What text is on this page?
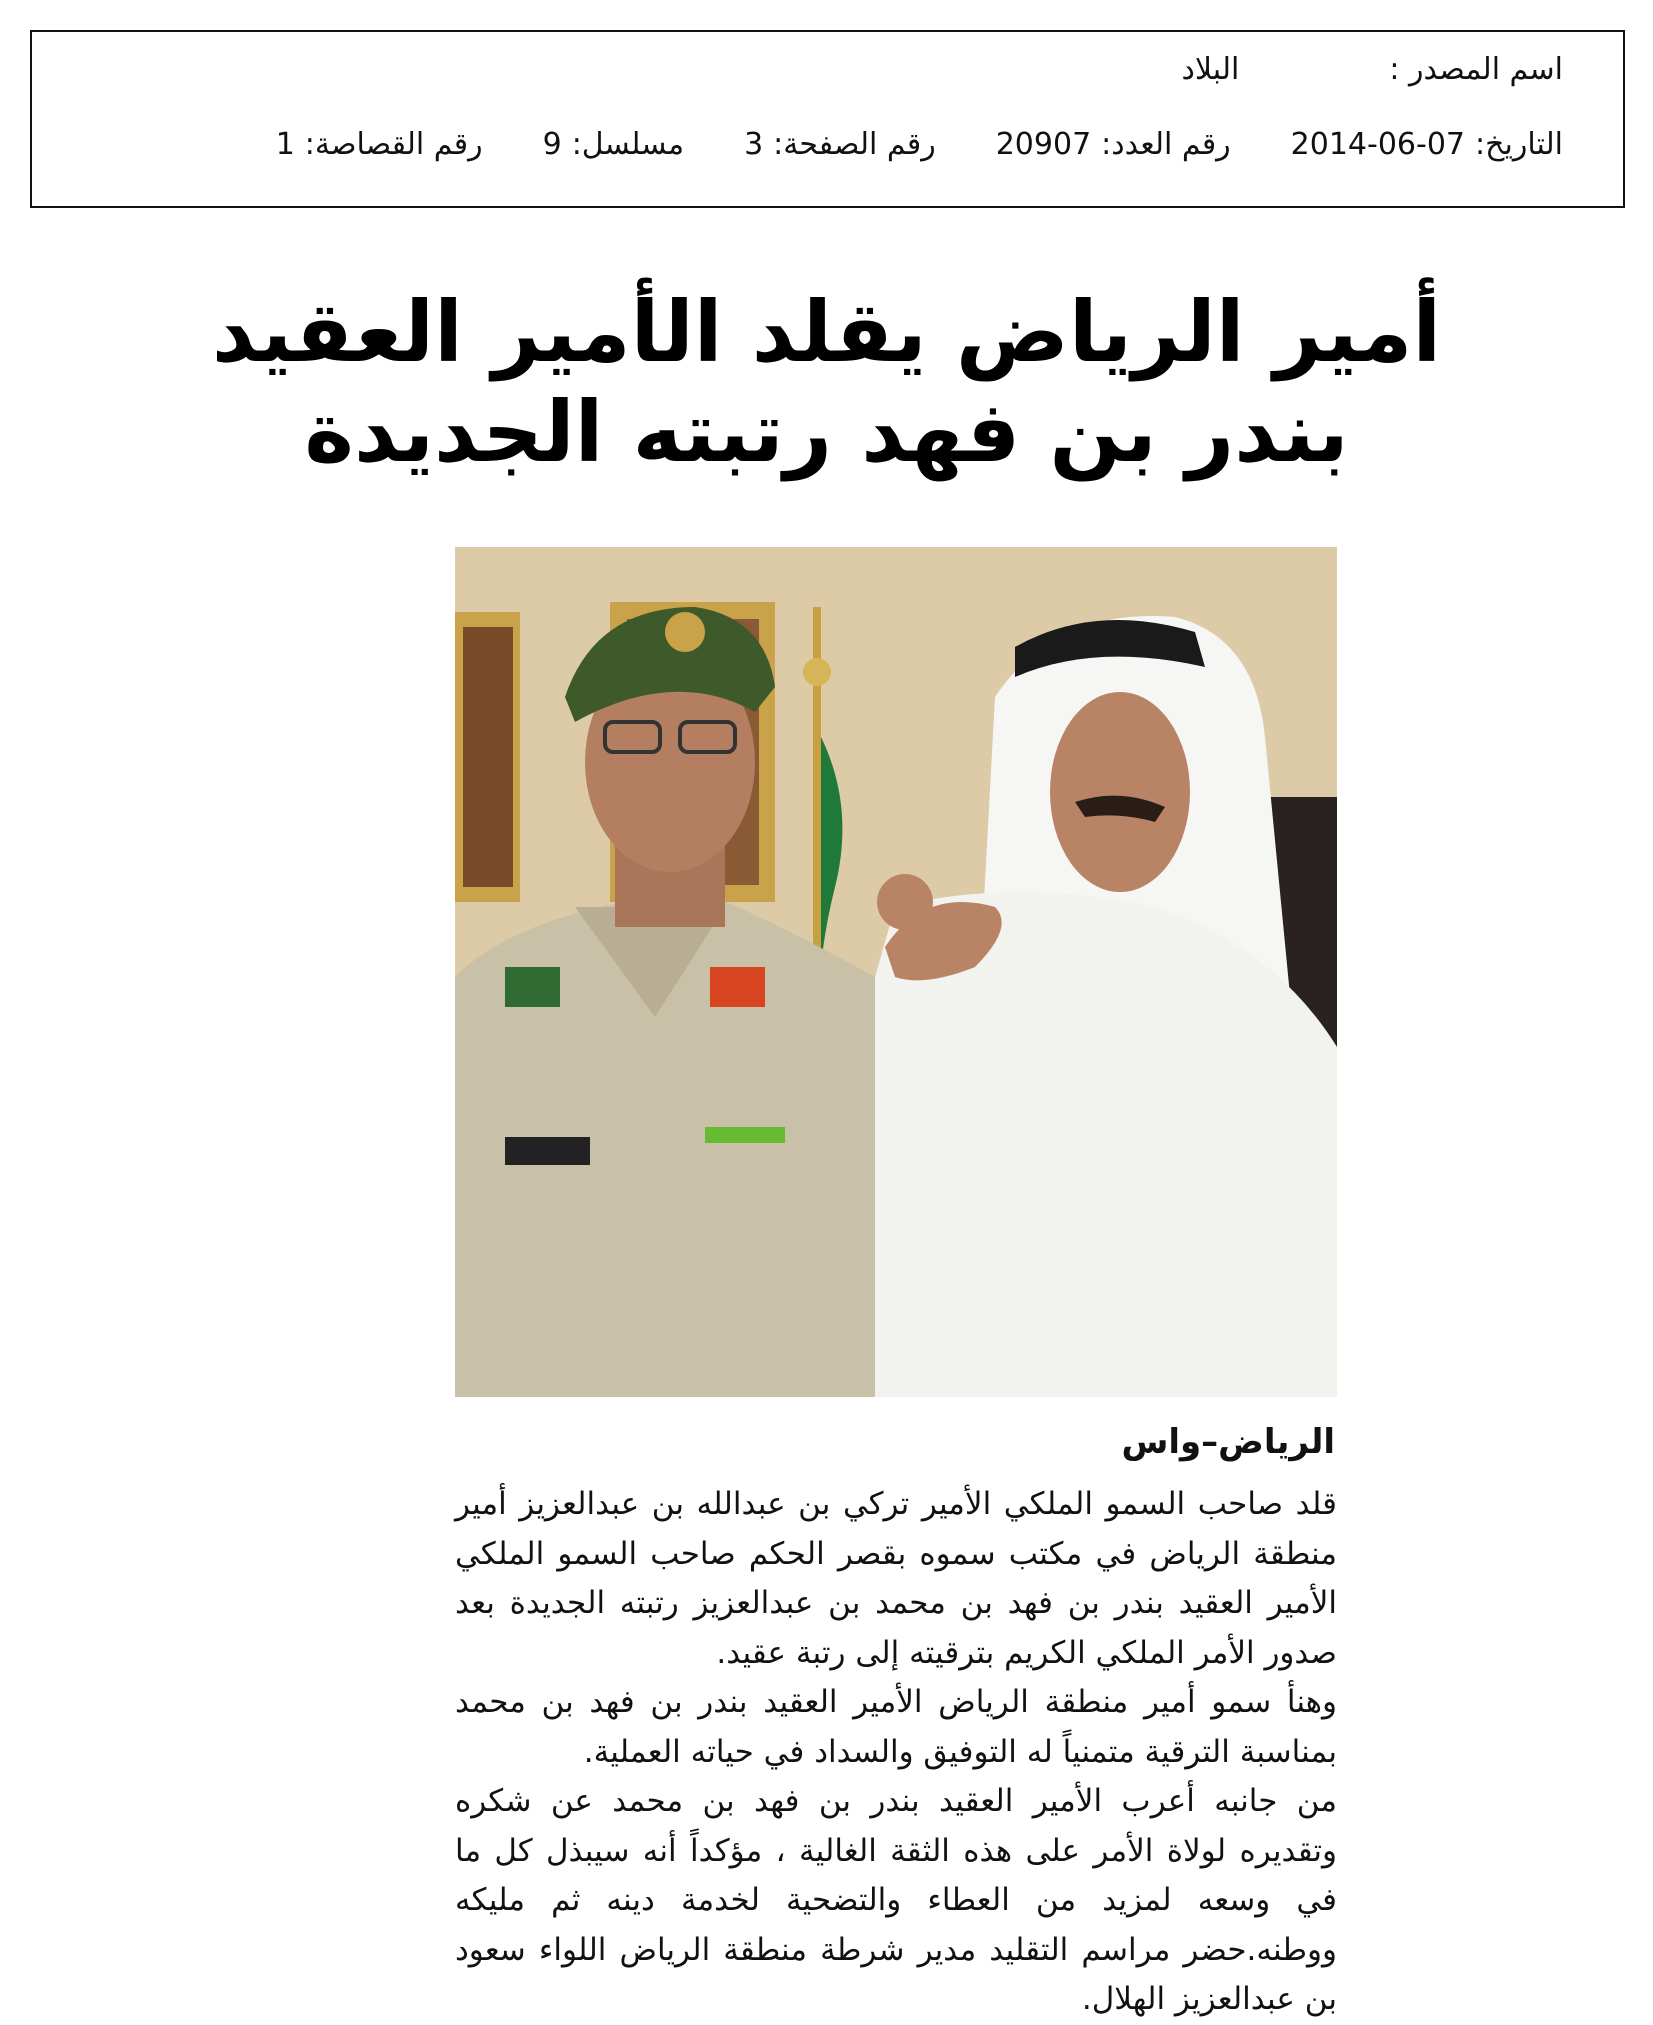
اسم المصدر :
البلاد
التاريخ:
2014-06-07
رقم العدد:
20907
رقم الصفحة:
3
مسلسل:
9
رقم القصاصة:
1
أمير الرياض يقلد الأمير العقيد
بندر بن فهد رتبته الجديدة
الرياض–واس

قلد صاحب السمو الملكي الأمير تركي بن عبدالله بن عبدالعزيز أمير منطقة الرياض في مكتب سموه بقصر الحكم صاحب السمو الملكي الأمير العقيد بندر بن فهد بن محمد بن عبدالعزيز رتبته الجديدة بعد صدور الأمر الملكي الكريم بترقيته إلى رتبة عقيد.

وهنأ سمو أمير منطقة الرياض الأمير العقيد بندر بن فهد بن محمد بمناسبة الترقية متمنياً له التوفيق والسداد في حياته العملية.

من جانبه أعرب الأمير العقيد بندر بن فهد بن محمد عن شكره وتقديره لولاة الأمر على هذه الثقة الغالية ، مؤكداً أنه سيبذل كل ما في وسعه لمزيد من العطاء والتضحية لخدمة دينه ثم مليكه ووطنه.حضر مراسم التقليد مدير شرطة منطقة الرياض اللواء سعود بن عبدالعزيز الهلال.
